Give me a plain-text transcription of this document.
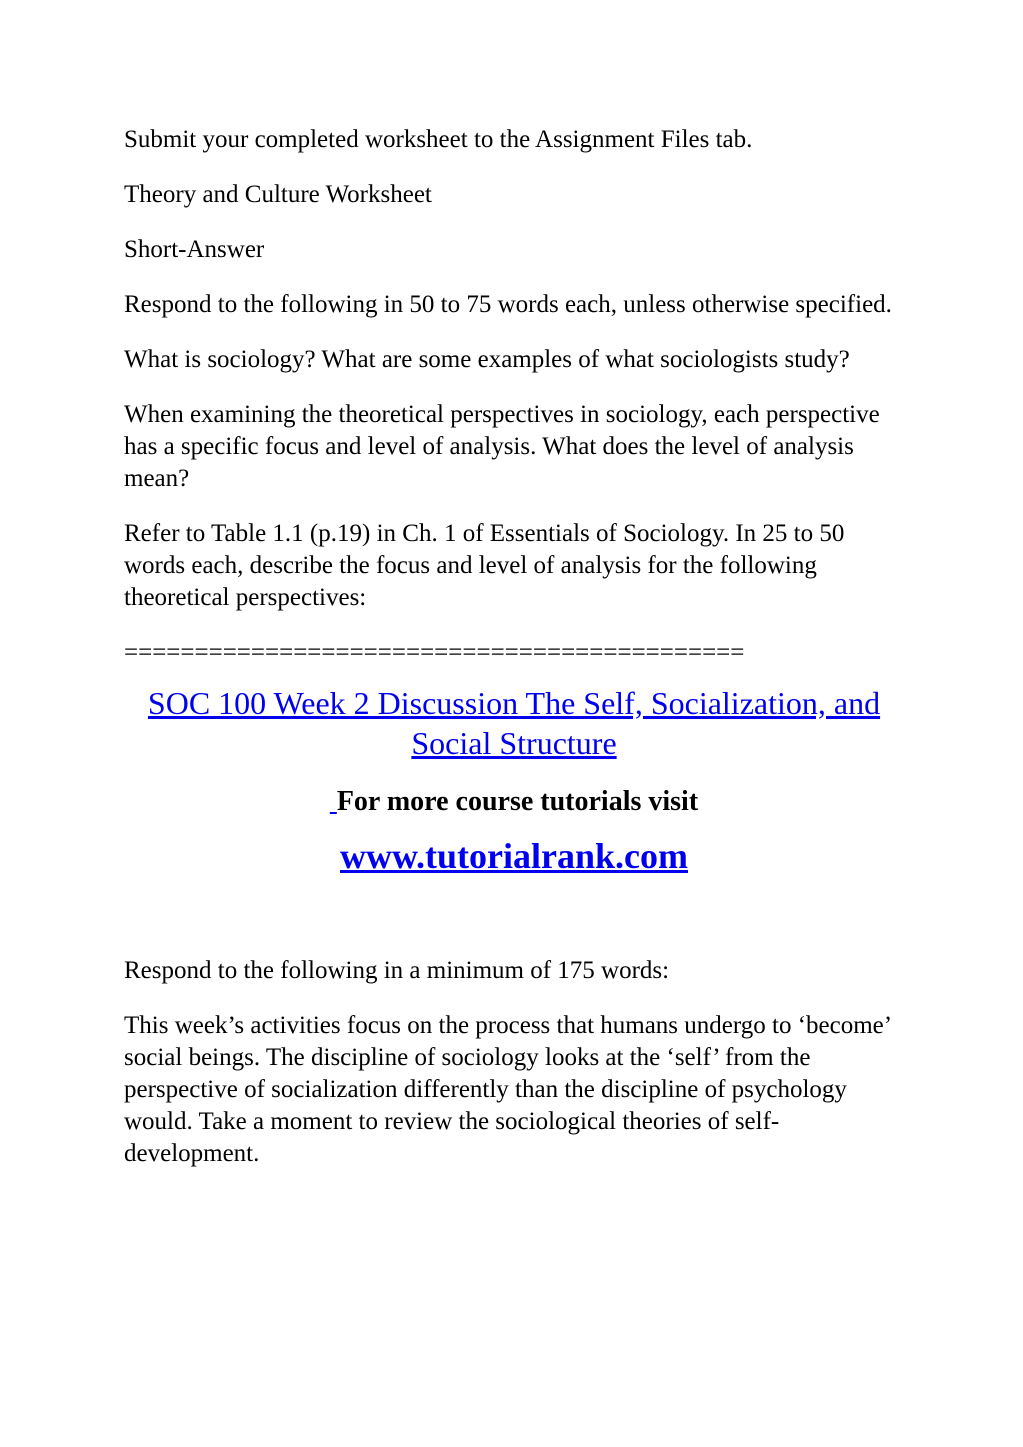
Submit your completed worksheet to the Assignment Files tab.

Theory and Culture Worksheet

Short-Answer

Respond to the following in 50 to 75 words each, unless otherwise specified.

What is sociology? What are some examples of what sociologists study?

When examining the theoretical perspectives in sociology, each perspective has a specific focus and level of analysis. What does the level of analysis mean?

Refer to Table 1.1 (p.19) in Ch. 1 of Essentials of Sociology. In 25 to 50 words each, describe the focus and level of analysis for the following theoretical perspectives:

============================================

SOC 100 Week 2 Discussion The Self, Socialization, and Social Structure

For more course tutorials visit

www.tutorialrank.com

Respond to the following in a minimum of 175 words:

This week’s activities focus on the process that humans undergo to ‘become’ social beings. The discipline of sociology looks at the ‘self’ from the perspective of socialization differently than the discipline of psychology would. Take a moment to review the sociological theories of self-development.
